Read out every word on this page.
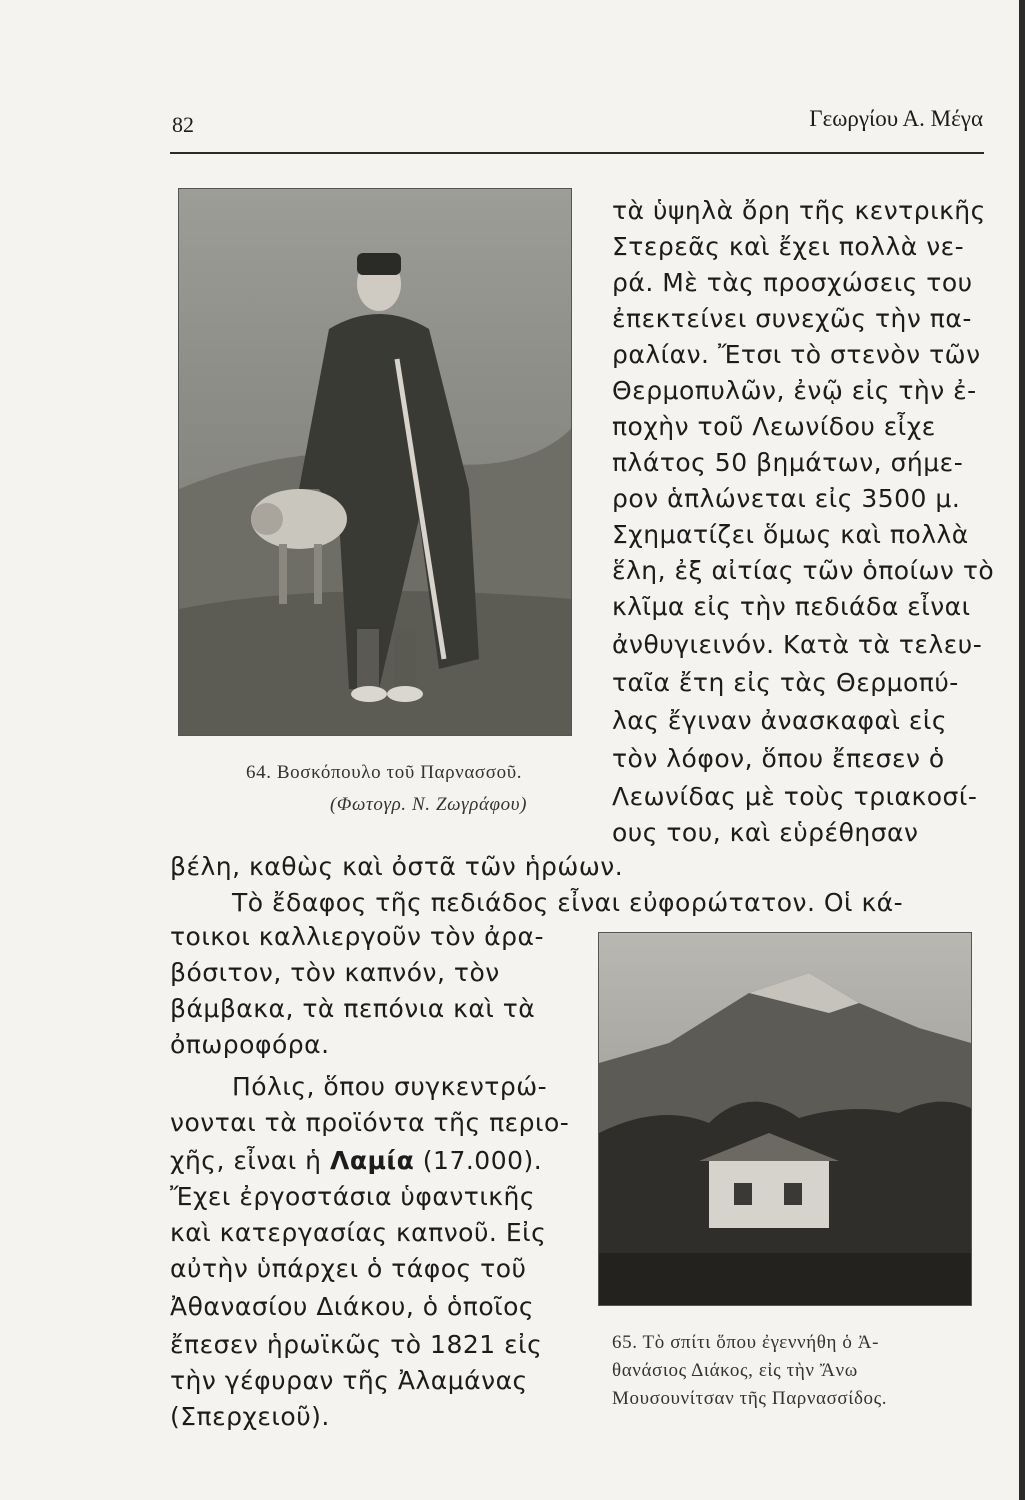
82	Γεωργίου Α. Μέγα
64. Βοσκόπουλο τοῦ Παρνασσοῦ.
(Φωτογρ. Ν. Ζωγράφου)
τὰ ὑψηλὰ ὄρη τῆς κεντρικῆς
Στερεᾶς καὶ ἔχει πολλὰ νε-
ρά. Μὲ τὰς προσχώσεις του
ἐπεκτείνει συνεχῶς τὴν πα-
ραλίαν. Ἔτσι τὸ στενὸν τῶν
Θερμοπυλῶν, ἐνῷ εἰς τὴν ἐ-
ποχὴν τοῦ Λεωνίδου εἶχε
πλάτος 50 βημάτων, σήμε-
ρον ἁπλώνεται εἰς 3500 μ.
Σχηματίζει ὅμως καὶ πολλὰ
ἕλη, ἐξ αἰτίας τῶν ὁποίων τὸ
κλῖμα εἰς τὴν πεδιάδα εἶναι
ἀνθυγιεινόν. Κατὰ τὰ τελευ-
ταῖα ἔτη εἰς τὰς Θερμοπύ-
λας ἔγιναν ἀνασκαφαὶ εἰς
τὸν λόφον, ὅπου ἔπεσεν ὁ
Λεωνίδας μὲ τοὺς τριακοσί-
ους του, καὶ εὑρέθησαν
βέλη, καθὼς καὶ ὀστᾶ τῶν ἡρώων.
Τὸ ἔδαφος τῆς πεδιάδος εἶναι εὐφορώτατον. Οἱ κά-
τοικοι καλλιεργοῦν τὸν ἀρα-
βόσιτον, τὸν καπνόν, τὸν
βάμβακα, τὰ πεπόνια καὶ τὰ
ὀπωροφόρα.
Πόλις, ὅπου συγκεντρώ-
νονται τὰ προϊόντα τῆς περιο-
χῆς, εἶναι ἡ Λαμία (17.000).
Ἔχει ἐργοστάσια ὑφαντικῆς
καὶ κατεργασίας καπνοῦ. Εἰς
αὐτὴν ὑπάρχει ὁ τάφος τοῦ
Ἀθανασίου Διάκου, ὁ ὁποῖος
ἔπεσεν ἡρωϊκῶς τὸ 1821 εἰς
τὴν γέφυραν τῆς Ἀλαμάνας
(Σπερχειοῦ).
65. Τὸ σπίτι ὅπου ἐγεννήθη ὁ Ἀ-
θανάσιος Διάκος, εἰς τὴν Ἄνω
Μουσουνίτσαν τῆς Παρνασσίδος.
